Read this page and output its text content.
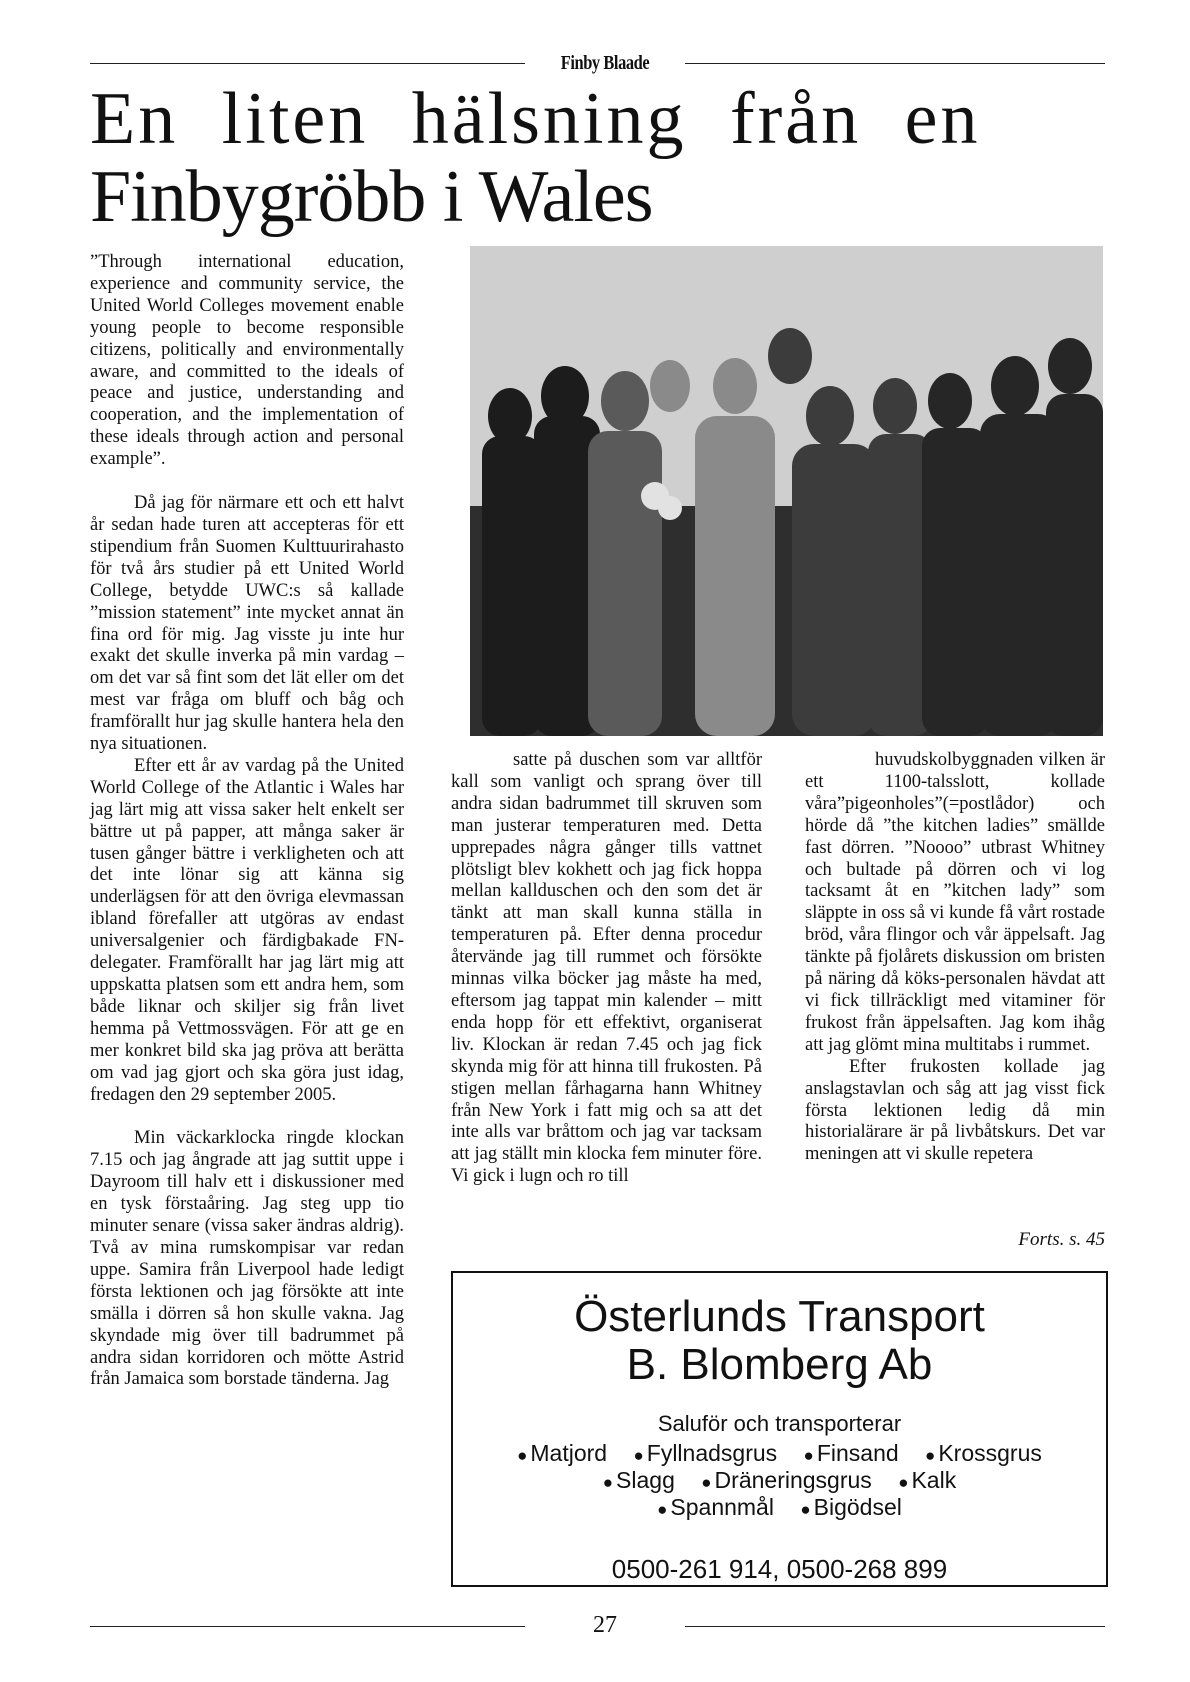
Finby Blaade
En liten hälsning från en
Finbygröbb i Wales

”Through international education, experience and community service, the United World Colleges movement enable young people to become responsible citizens, politically and environmentally aware, and committed to the ideals of peace and justice, understanding and cooperation, and the implementation of these ideals through action and personal example”.

Då jag för närmare ett och ett halvt år sedan hade turen att accepteras för ett stipendium från Suomen Kulttuurirahasto för två års studier på ett United World College, betydde UWC:s så kallade ”mission statement” inte mycket annat än fina ord för mig. Jag visste ju inte hur exakt det skulle inverka på min vardag – om det var så fint som det lät eller om det mest var fråga om bluff och båg och framförallt hur jag skulle hantera hela den nya situationen.

Efter ett år av vardag på the United World College of the Atlantic i Wales har jag lärt mig att vissa saker helt enkelt ser bättre ut på papper, att många saker är tusen gånger bättre i verkligheten och att det inte lönar sig att känna sig underlägsen för att den övriga elevmassan ibland förefaller att utgöras av endast universalgenier och färdigbakade FN-delegater. Framförallt har jag lärt mig att uppskatta platsen som ett andra hem, som både liknar och skiljer sig från livet hemma på Vettmossvägen. För att ge en mer konkret bild ska jag pröva att berätta om vad jag gjort och ska göra just idag, fredagen den 29 september 2005.

Min väckarklocka ringde klockan 7.15 och jag ångrade att jag suttit uppe i Dayroom till halv ett i diskussioner med en tysk förstaåring. Jag steg upp tio minuter senare (vissa saker ändras aldrig). Två av mina rumskompisar var redan uppe. Samira från Liverpool hade ledigt första lektionen och jag försökte att inte smälla i dörren så hon skulle vakna. Jag skyndade mig över till badrummet på andra sidan korridoren och mötte Astrid från Jamaica som borstade tänderna. Jag

satte på duschen som var alltför kall som vanligt och sprang över till andra sidan badrummet till skruven som man justerar temperaturen med. Detta upprepades några gånger tills vattnet plötsligt blev kokhett och jag fick hoppa mellan kallduschen och den som det är tänkt att man skall kunna ställa in temperaturen på. Efter denna procedur återvände jag till rummet och försökte minnas vilka böcker jag måste ha med, eftersom jag tappat min kalender – mitt enda hopp för ett effektivt, organiserat liv. Klockan är redan 7.45 och jag fick skynda mig för att hinna till frukosten. På stigen mellan fårhagarna hann Whitney från New York i fatt mig och sa att det inte alls var bråttom och jag var tacksam att jag ställt min klocka fem minuter före. Vi gick i lugn och ro till

huvudskolbyggnaden vilken är ett 1100-talsslott, kollade våra”pigeonholes”(=postlådor) och hörde då ”the kitchen ladies” smällde fast dörren. ”Noooo” utbrast Whitney och bultade på dörren och vi log tacksamt åt en ”kitchen lady” som släppte in oss så vi kunde få vårt rostade bröd, våra flingor och vår äppelsaft. Jag tänkte på fjolårets diskussion om bristen på näring då köks-personalen hävdat att vi fick tillräckligt med vitaminer för frukost från äppelsaften. Jag kom ihåg att jag glömt mina multitabs i rummet.

Efter frukosten kollade jag anslagstavlan och såg att jag visst fick första lektionen ledig då min historialärare är på livbåtskurs. Det var meningen att vi skulle repetera

Forts. s. 45
Österlunds Transport
B. Blomberg Ab
Saluför och transporterar
● Matjord ● Fyllnadsgrus ● Finsand ● Krossgrus
● Slagg ● Dräneringsgrus ● Kalk
● Spannmål ● Bigödsel
0500-261 914, 0500-268 899
27
